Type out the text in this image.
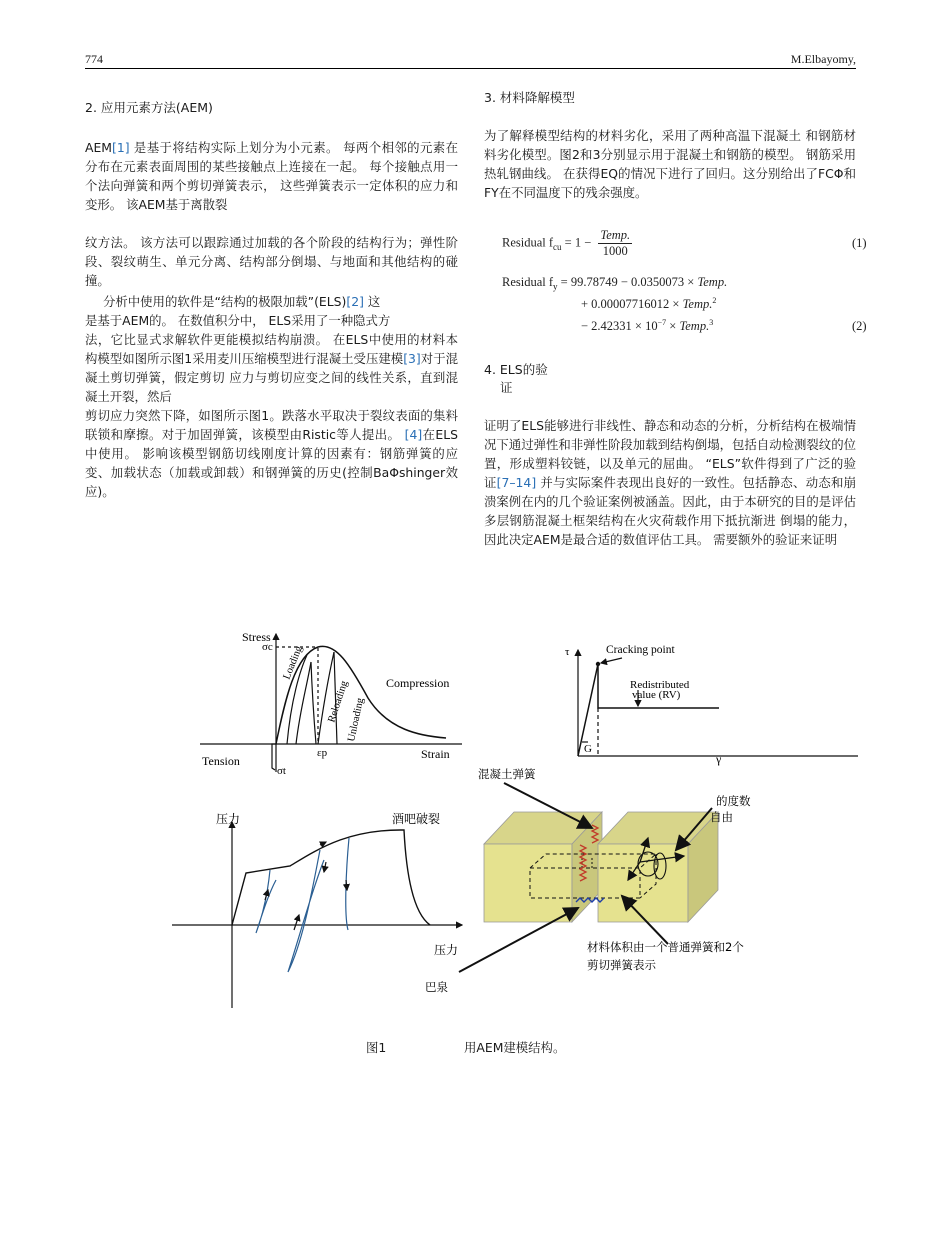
774	M.Elbayomy,
2. 应用元素方法(AEM)
AEM[1] 是基于将结构实际上划分为小元素。 每两个相邻的元素在分布在元素表面周围的某些接触点上连接在一起。 每个接触点用一个法向弹簧和两个剪切弹簧表示， 这些弹簧表示一定体积的应力和变形。 该AEM基于离散裂
纹方法。 该方法可以跟踪通过加载的各个阶段的结构行为；弹性阶段、裂纹萌生、单元分离、结构部分倒塌、与地面和其他结构的碰撞。

分析中使用的软件是“结构的极限加载”(ELS)[2] 这

是基于AEM的。 在数值积分中， ELS采用了一种隐式方

法，它比显式求解软件更能模拟结构崩溃。 在ELS中使用的材料本构模型如图所示图1采用麦川压缩模型进行混凝土受压建模[3]对于混凝土剪切弹簧，假定剪切 应力与剪切应变之间的线性关系，直到混凝土开裂，然后

剪切应力突然下降，如图所示图1。跌落水平取决于裂纹表面的集料联锁和摩擦。对于加固弹簧，该模型由Ristic等人提出。 [4]在ELS中使用。 影响该模型钢筋切线刚度计算的因素有：钢筋弹簧的应变、加载状态（加载或卸载）和钢弹簧的历史(控制BaΦshinger效应)。

3. 材料降解模型
为了解释模型结构的材料劣化，采用了两种高温下混凝土 和钢筋材料劣化模型。图2和3分别显示用于混凝土和钢筋的模型。 钢筋采用热轧钢曲线。 在获得EQ的情况下进行了回归。这分别给出了FCΦ和FY在不同温度下的残余强度。
Residual $f_{cu} = 1 - \frac{\text{Temp.}}{1000}$	(1)
Residual $f_y = 99.78749 - 0.0350073$ × Temp.
+ 0.00007716012 × Temp.$^2$
− $2.42331 \times 10^{-7}$ × Temp.$^3$	(2)
4. ELS的验
证
证明了ELS能够进行非线性、静态和动态的分析，分析结构在极端情况下通过弹性和非弹性阶段加载到结构倒塌，包括自动检测裂纹的位置，形成塑料铰链，以及单元的屈曲。 “ELS”软件得到了广泛的验证[7–14] 并与实际案件表现出良好的一致性。包括静态、动态和崩溃案例在内的几个验证案例被涵盖。因此，由于本研究的目的是评估多层钢筋混凝土框架结构在火灾荷载作用下抵抗渐进 倒塌的能力，因此决定AEM是最合适的数值评估工具。 需要额外的验证来证明
Stress
σc Loading
Reloading
Unloading
Compression
Tension	Strain
εp
σt
τ	Cracking point
Redistributed
value (RV)
G
γ
压力	酒吧破裂
压力
混凝土弹簧
的度数
自由
材料体积由一个普通弹簧和2个
剪切弹簧表示
巴泉
图1	用AEM建模结构。
